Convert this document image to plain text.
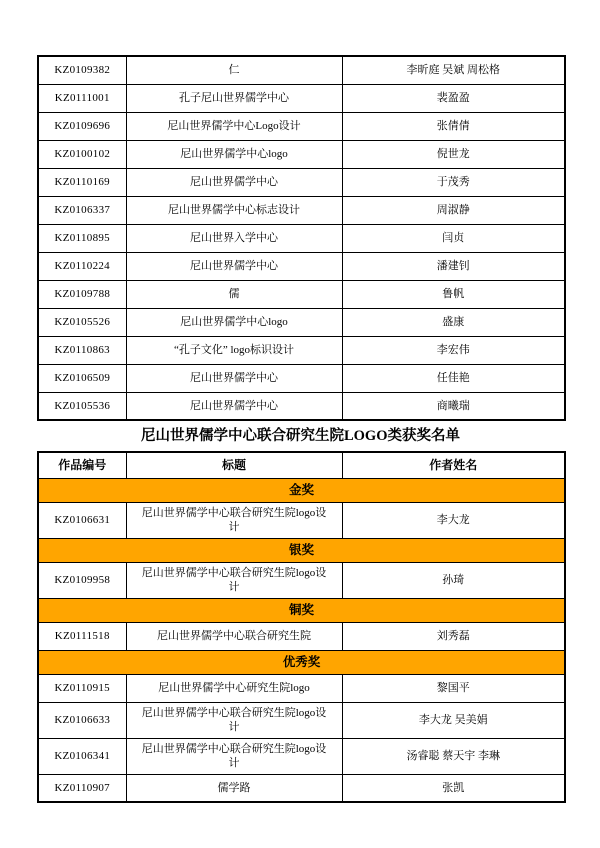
KZ0109382	仁	李昕庭 吴斌 周松格
KZ0111001	孔子尼山世界儒学中心	裴盈盈
KZ0109696	尼山世界儒学中心Logo设计	张倩倩
KZ0100102	尼山世界儒学中心logo	倪世龙
KZ0110169	尼山世界儒学中心	于茂秀
KZ0106337	尼山世界儒学中心标志设计	周淑静
KZ0110895	尼山世界入学中心	闫贞
KZ0110224	尼山世界儒学中心	潘建钊
KZ0109788	儒	鲁帆
KZ0105526	尼山世界儒学中心logo	盛康
KZ0110863	“孔子文化” logo标识设计	李宏伟
KZ0106509	尼山世界儒学中心	任佳艳
KZ0105536	尼山世界儒学中心	商曦瑞
尼山世界儒学中心联合研究生院LOGO类获奖名单
作品编号	标题	作者姓名
金奖		
KZ0106631	尼山世界儒学中心联合研究生院logo设计	李大龙
银奖		
KZ0109958	尼山世界儒学中心联合研究生院logo设计	孙琦
铜奖		
KZ0111518	尼山世界儒学中心联合研究生院	刘秀磊
优秀奖		
KZ0110915	尼山世界儒学中心研究生院logo	黎国平
KZ0106633	尼山世界儒学中心联合研究生院logo设计	李大龙 吴美娟
KZ0106341	尼山世界儒学中心联合研究生院logo设计	汤睿聪 蔡天宇 李琳
KZ0110907	儒学路	张凯
